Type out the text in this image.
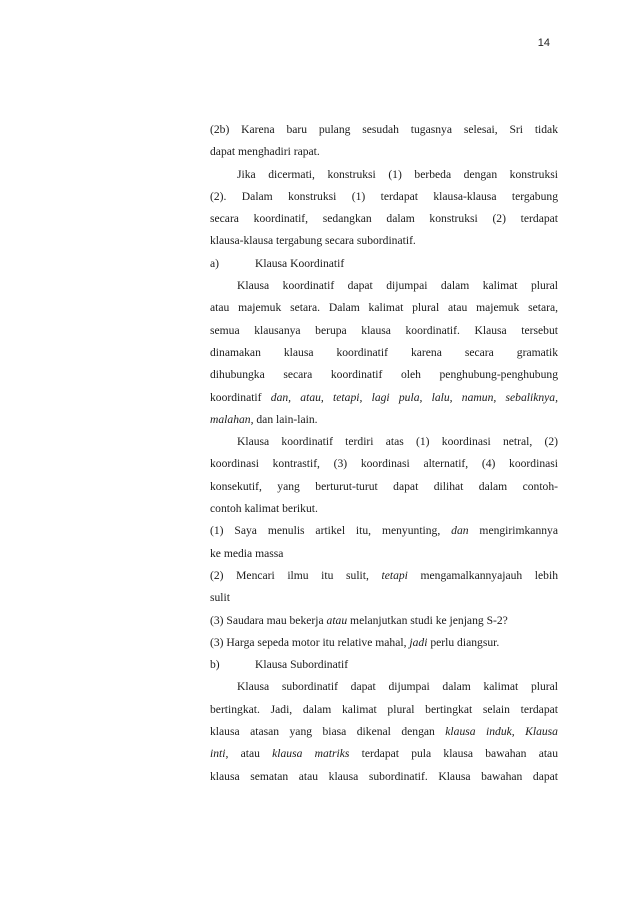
14
(2b) Karena baru pulang sesudah tugasnya selesai, Sri tidak
dapat menghadiri rapat.
Jika dicermati, konstruksi (1) berbeda dengan konstruksi
(2). Dalam konstruksi (1) terdapat klausa-klausa tergabung
secara koordinatif, sedangkan dalam konstruksi (2) terdapat
klausa-klausa tergabung secara subordinatif.
a)	Klausa Koordinatif
Klausa koordinatif dapat dijumpai dalam kalimat plural
atau majemuk setara. Dalam kalimat plural atau majemuk setara,
semua klausanya berupa klausa koordinatif. Klausa tersebut
dinamakan klausa koordinatif karena secara gramatik
dihubungka secara koordinatif oleh penghubung-penghubung
koordinatif dan, atau, tetapi, lagi pula, lalu, namun, sebaliknya,
malahan, dan lain-lain.
Klausa koordinatif terdiri atas (1) koordinasi netral, (2)
koordinasi kontrastif, (3) koordinasi alternatif, (4) koordinasi
konsekutif, yang berturut-turut dapat dilihat dalam contoh-
contoh kalimat berikut.
(1) Saya menulis artikel itu, menyunting, dan mengirimkannya
ke media massa
(2) Mencari ilmu itu sulit, tetapi mengamalkannyajauh lebih
sulit
(3) Saudara mau bekerja atau melanjutkan studi ke jenjang S-2?
(3) Harga sepeda motor itu relative mahal, jadi perlu diangsur.
b)	Klausa Subordinatif
Klausa subordinatif dapat dijumpai dalam kalimat plural
bertingkat. Jadi, dalam kalimat plural bertingkat selain terdapat
klausa atasan yang biasa dikenal dengan klausa induk, Klausa
inti, atau klausa matriks terdapat pula klausa bawahan atau
klausa sematan atau klausa subordinatif. Klausa bawahan dapat
